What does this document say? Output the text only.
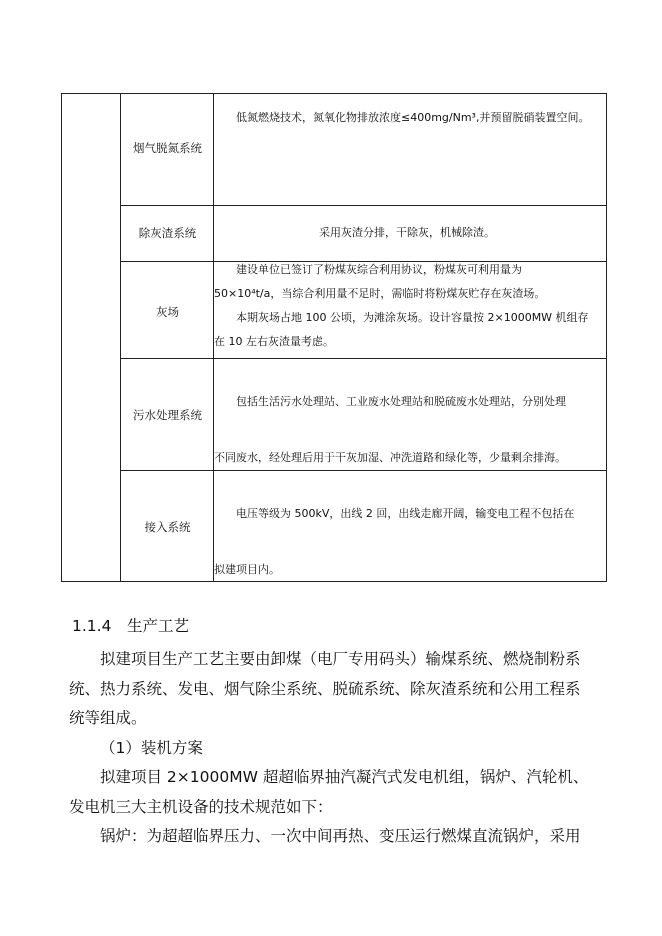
烟气脱氮系统

低氮燃烧技术，氮氧化物排放浓度≤400mg/Nm³,并预留脱硝装置空间。

除灰渣系统	采用灰渣分排，干除灰，机械除渣。

灰场

建设单位已签订了粉煤灰综合利用协议，粉煤灰可利用量为

50×10⁴t/a，当综合利用量不足时，需临时将粉煤灰贮存在灰渣场。

本期灰场占地 100 公顷，为滩涂灰场。设计容量按 2×1000MW 机组存

在 10 左右灰渣量考虑。

污水处理系统

包括生活污水处理站、工业废水处理站和脱硫废水处理站，分别处理

不同废水，经处理后用于干灰加湿、冲洗道路和绿化等，少量剩余排海。

接入系统

电压等级为 500kV，出线 2 回，出线走廊开阔，输变电工程不包括在

拟建项目内。

1.1.4　生产工艺

拟建项目生产工艺主要由卸煤（电厂专用码头）输煤系统、燃烧制粉系统、热力系统、发电、烟气除尘系统、脱硫系统、除灰渣系统和公用工程系统等组成。

（1）装机方案

拟建项目 2×1000MW 超超临界抽汽凝汽式发电机组，锅炉、汽轮机、发电机三大主机设备的技术规范如下：

锅炉：为超超临界压力、一次中间再热、变压运行燃煤直流锅炉，采用
